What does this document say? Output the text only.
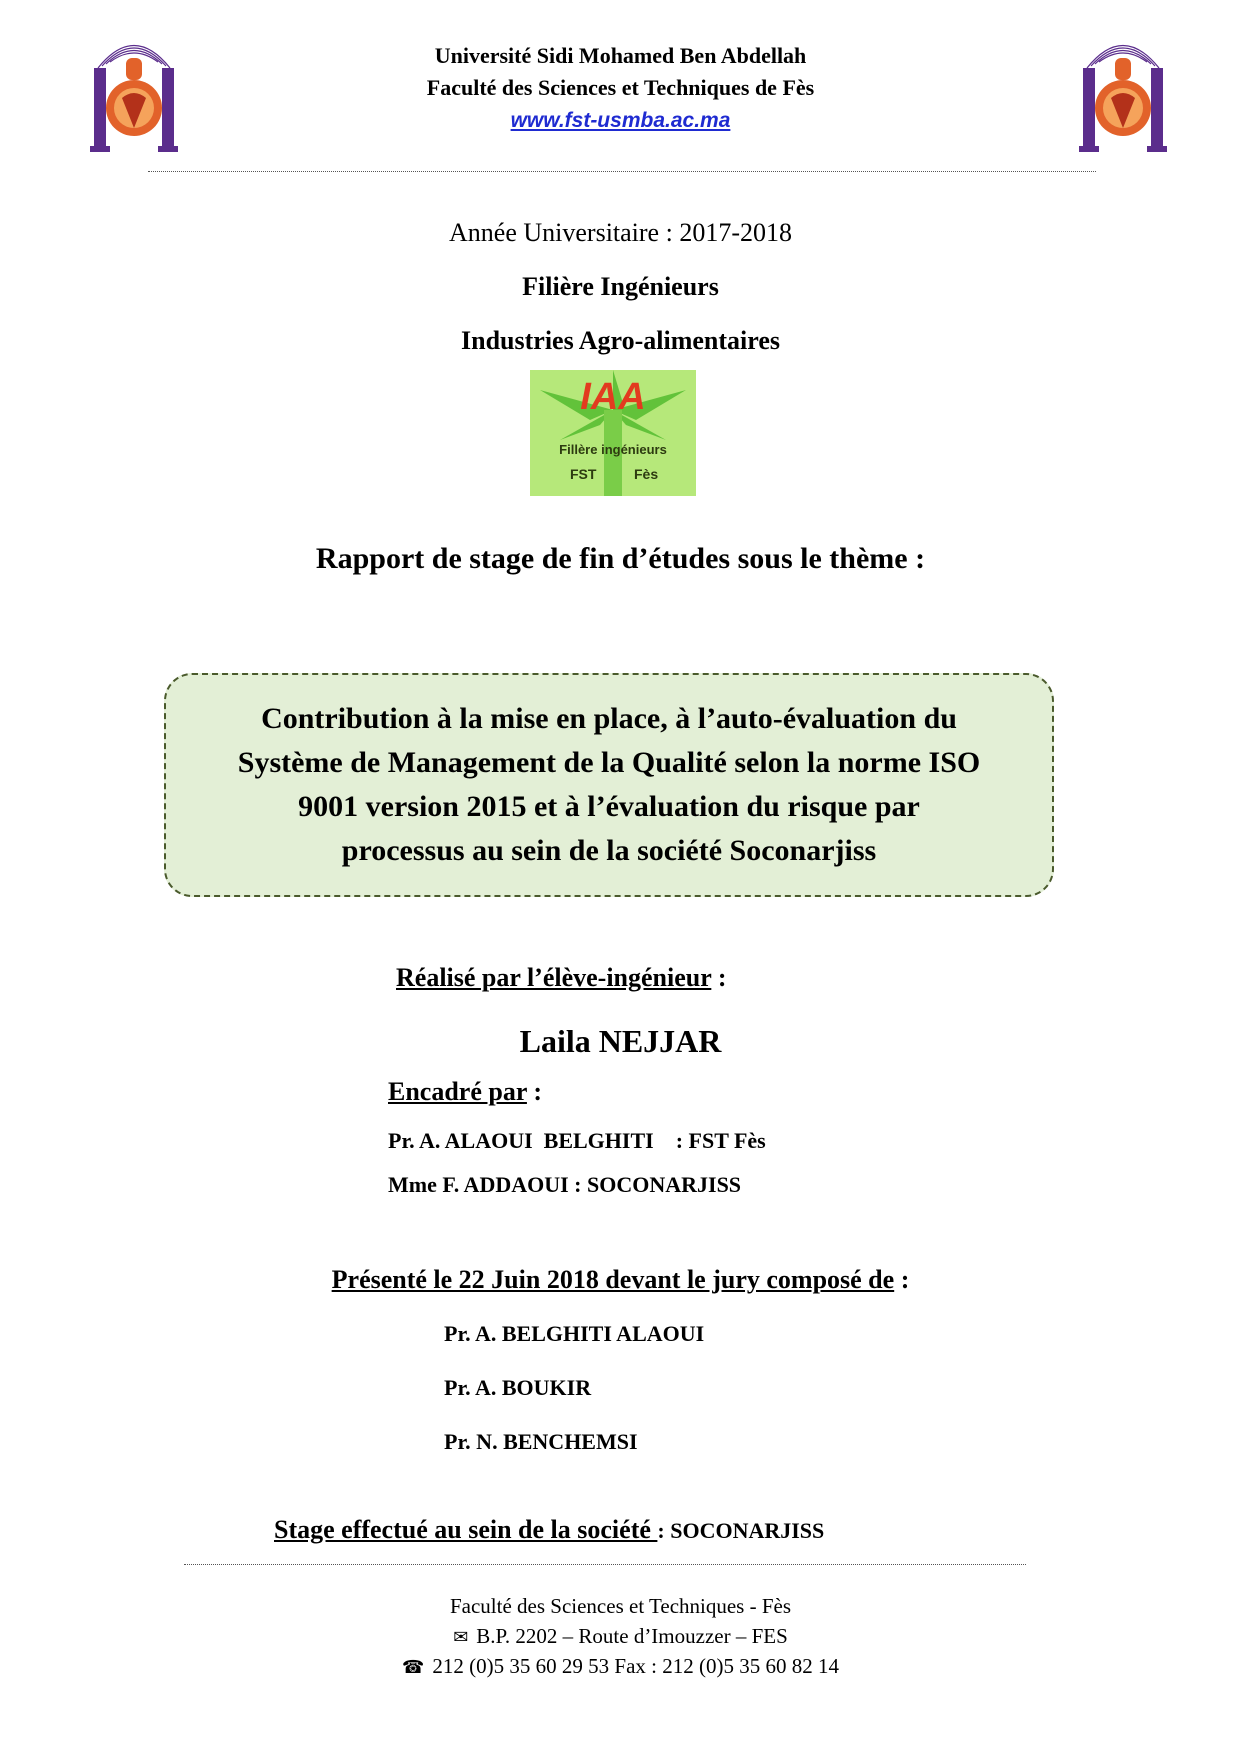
Université Sidi Mohamed Ben Abdellah
Faculté des Sciences et Techniques de Fès
www.fst-usmba.ac.ma
Année Universitaire : 2017-2018
Filière Ingénieurs
Industries Agro-alimentaires
IAA
Fillère ingénieurs
FST	Fès
Rapport de stage de fin d’études sous le thème :
Contribution à la mise en place, à l’auto-évaluation du
Système de Management de la Qualité selon la norme ISO
9001 version 2015 et à l’évaluation du risque par
processus au sein de la société Soconarjiss
Réalisé par l’élève-ingénieur :
Laila NEJJAR
Encadré par :
Pr. A. ALAOUI  BELGHITI    : FST Fès
Mme F. ADDAOUI : SOCONARJISS
Présenté le 22 Juin 2018 devant le jury composé de :
Pr. A. BELGHITI ALAOUI
Pr. A. BOUKIR
Pr. N. BENCHEMSI
Stage effectué au sein de la société : SOCONARJISS
Faculté des Sciences et Techniques - Fès
✉ B.P. 2202 – Route d’Imouzzer – FES
☎ 212 (0)5 35 60 29 53 Fax : 212 (0)5 35 60 82 14
